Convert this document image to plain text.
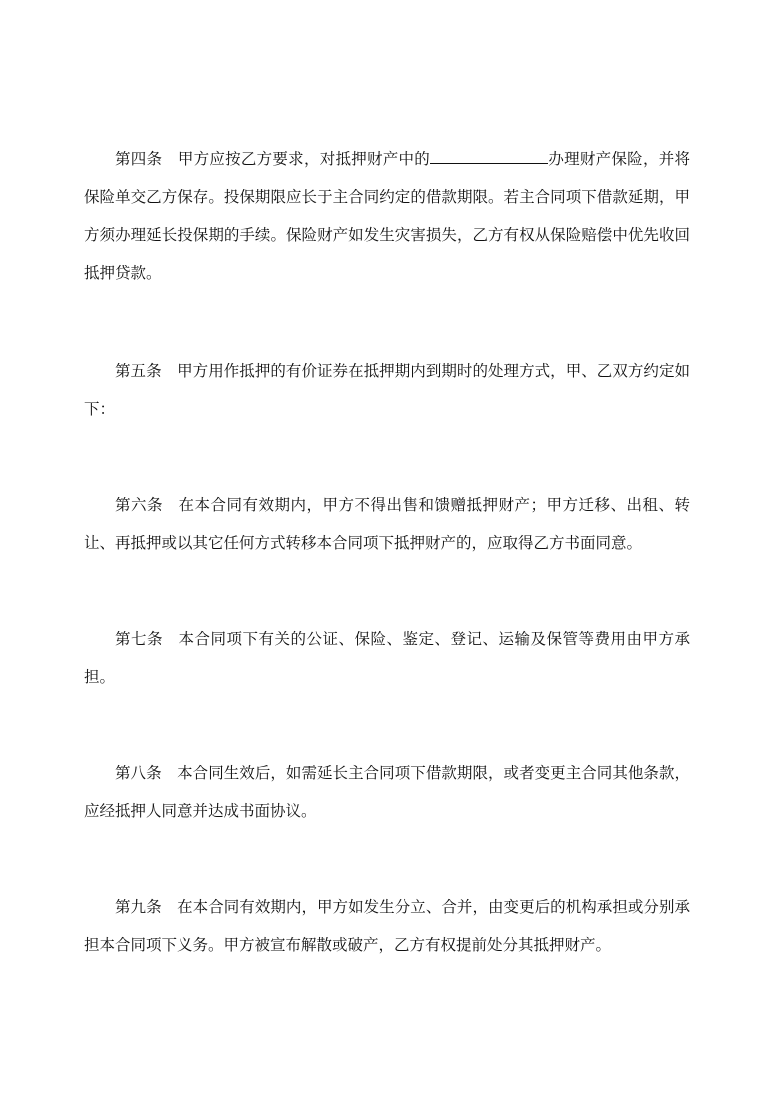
第四条 甲方应按乙方要求，对抵押财产中的	办理财产保险，并将保险单交乙方保存。投保期限应长于主合同约定的借款期限。若主合同项下借款延期，甲方须办理延长投保期的手续。保险财产如发生灾害损失，乙方有权从保险赔偿中优先收回抵押贷款。

第五条 甲方用作抵押的有价证券在抵押期内到期时的处理方式，甲、乙双方约定如下：

第六条 在本合同有效期内，甲方不得出售和馈赠抵押财产；甲方迁移、出租、转让、再抵押或以其它任何方式转移本合同项下抵押财产的，应取得乙方书面同意。

第七条 本合同项下有关的公证、保险、鉴定、登记、运输及保管等费用由甲方承担。

第八条 本合同生效后，如需延长主合同项下借款期限，或者变更主合同其他条款，应经抵押人同意并达成书面协议。

第九条 在本合同有效期内，甲方如发生分立、合并，由变更后的机构承担或分别承担本合同项下义务。甲方被宣布解散或破产，乙方有权提前处分其抵押财产。
